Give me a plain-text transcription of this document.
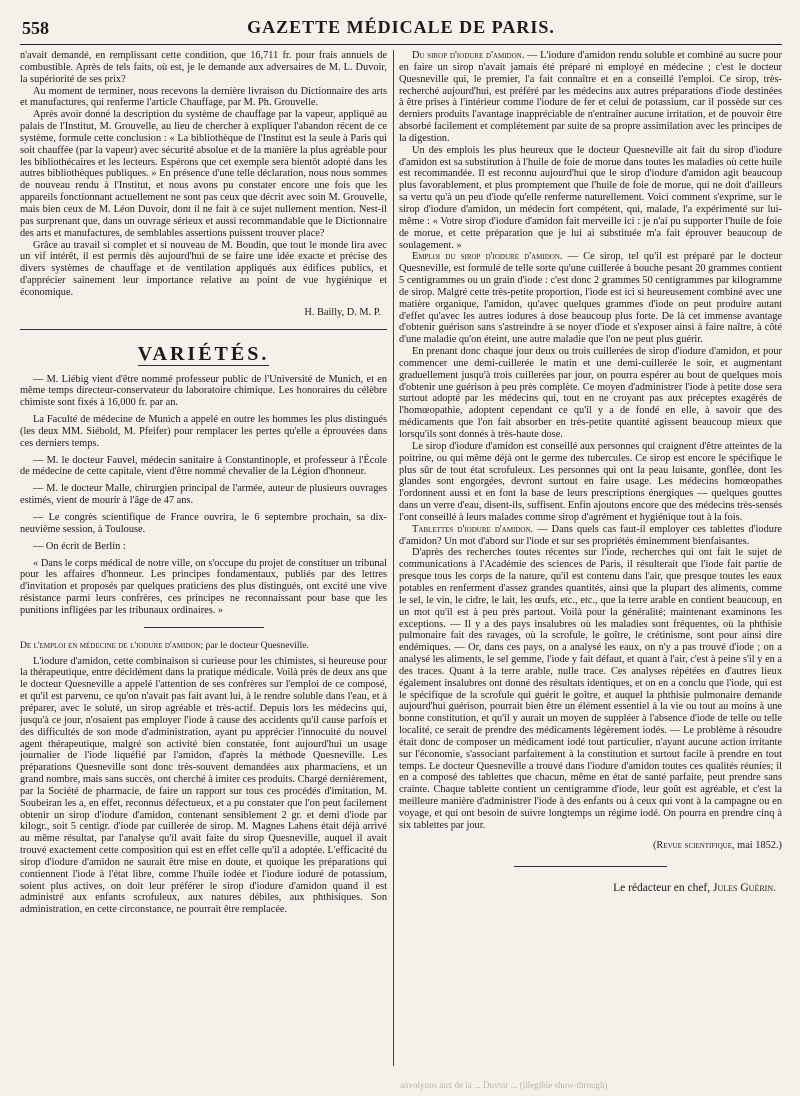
558	GAZETTE MÉDICALE DE PARIS.

n'avait demandé, en remplissant cette condition, que 16,711 fr. pour frais annuels de combustible. Après de tels faits, où est, je le demande aux adversaires de M. L. Duvoir, la supériorité de ses prix?

Au moment de terminer, nous recevons la dernière livraison du Dictionnaire des arts et manufactures, qui renferme l'article Chauffage, par M. Ph. Grouvelle.

Après avoir donné la description du système de chauffage par la vapeur, appliqué au palais de l'Institut, M. Grouvelle, au lieu de chercher à expliquer l'abandon récent de ce système, formule cette conclusion : « La bibliothèque de l'Institut est la seule à Paris qui soit chauffée (par la vapeur) avec sécurité absolue et de la manière la plus agréable pour les bibliothécaires et les lecteurs. Espérons que cet exemple sera bientôt adopté dans les autres bibliothèques publiques. » En présence d'une telle déclaration, nous nous sommes de nouveau rendu à l'Institut, et nous avons pu constater encore une fois que les appareils fonctionnant actuellement ne sont pas ceux que décrit avec soin M. Grouvelle, mais bien ceux de M. Léon Duvoir, dont il ne fait à ce sujet nullement mention. Nest-il pas surprenant que, dans un ouvrage sérieux et aussi recommandable que le Dictionnaire des arts et manufactures, de semblables assertions puissent trouver place?

Grâce au travail si complet et si nouveau de M. Boudin, que tout le monde lira avec un vif intérêt, il est permis dès aujourd'hui de se faire une idée exacte et précise des divers systèmes de chauffage et de ventilation appliqués aux édifices publics, et d'apprécier sainement leur importance relative au point de vue hygiénique et économique.

H. Bailly, D. M. P.
VARIÉTÉS.

— M. Liébig vient d'être nommé professeur public de l'Université de Munich, et en même temps directeur-conservateur du laboratoire chimique. Les honoraires du célèbre chimiste sont fixés à 16,000 fr. par an.

La Faculté de médecine de Munich a appelé en outre les hommes les plus distingués (les deux MM. Siébold, M. Pfeifer) pour remplacer les pertes qu'elle a éprouvées dans ces derniers temps.

— M. le docteur Fauvel, médecin sanitaire à Constantinople, et professeur à l'École de médecine de cette capitale, vient d'être nommé chevalier de la Légion d'honneur.

— M. le docteur Malle, chirurgien principal de l'armée, auteur de plusieurs ouvrages estimés, vient de mourir à l'âge de 47 ans.

— Le congrès scientifique de France ouvrira, le 6 septembre prochain, sa dix-neuvième session, à Toulouse.

— On écrit de Berlin :

« Dans le corps médical de notre ville, on s'occupe du projet de constituer un tribunal pour les affaires d'honneur. Les principes fondamentaux, publiés par des lettres d'invitation et proposés par quelques praticiens des plus distingués, ont excité une vive résistance parmi leurs confrères, ces principes ne reconnaissant pour base que les punitions infligées par les tribunaux ordinaires. »

De l'emploi en médecine de l'iodure d'amidon; par le docteur Quesneville.

L'iodure d'amidon, cette combinaison si curieuse pour les chimistes, si heureuse pour la thérapeutique, entre décidément dans la pratique médicale. Voilà près de deux ans que le docteur Quesneville a appelé l'attention de ses confrères sur l'emploi de ce composé, et qu'il est parvenu, ce qu'on n'avait pas fait avant lui, à le rendre soluble dans l'eau, et à préparer, avec le soluté, un sirop agréable et très-actif. Depuis lors les médecins qui, jusqu'à ce jour, n'osaient pas employer l'iode à cause des accidents qu'il cause parfois et des difficultés de son mode d'administration, ayant pu apprécier l'innocuité du nouvel agent thérapeutique, malgré son activité bien constatée, font aujourd'hui un usage journalier de l'iode liquéfié par l'amidon, d'après la méthode Quesneville. Les préparations Quesneville sont donc très-souvent demandées aux pharmaciens, et un grand nombre, mais sans succès, ont cherché à imiter ces produits. Chargé dernièrement, par la Société de pharmacie, de faire un rapport sur tous ces procédés d'imitation, M. Soubeiran les a, en effet, reconnus défectueux, et a pu constater que l'on peut facilement obtenir un sirop d'iodure d'amidon, contenant sensiblement 2 gr. et demi d'iode par kilogr., soit 5 centigr. d'iode par cuillerée de sirop. M. Magnes Lahens était déjà arrivé au même résultat, par l'analyse qu'il avait faite du sirop Quesneville, auquel il avait trouvé exactement cette composition qui est en effet celle qu'il a adoptée. L'efficacité du sirop d'iodure d'amidon ne saurait être mise en doute, et quoique les préparations qui contiennent l'iode à l'état libre, comme l'huile iodée et l'iodure ioduré de potassium, soient plus actives, on doit leur préférer le sirop d'iodure d'amidon quand il est administré aux enfants scrofuleux, aux natures débiles, aux phthisiques. Son administration, en cette circonstance, ne pourrait être remplacée.

Du sirop d'iodure d'amidon. — L'iodure d'amidon rendu soluble et combiné au sucre pour en faire un sirop n'avait jamais été préparé ni employé en médecine ; c'est le docteur Quesneville qui, le premier, l'a fait connaître et en a conseillé l'emploi. Ce sirop, très-recherché aujourd'hui, est préféré par les médecins aux autres préparations d'iode destinées à être prises à l'intérieur comme l'iodure de fer et celui de potassium, car il possède sur ces derniers produits l'avantage inappréciable de n'entraîner aucune irritation, et de pouvoir être absorbé facilement et complétement par suite de sa propre assimilation avec les principes de la digestion.

Un des emplois les plus heureux que le docteur Quesneville ait fait du sirop d'iodure d'amidon est sa substitution à l'huile de foie de morue dans toutes les maladies où cette huile est recommandée. Il est reconnu aujourd'hui que le sirop d'iodure d'amidon agit beaucoup plus favorablement, et plus promptement que l'huile de foie de morue, qui ne doit d'ailleurs sa vertu qu'à un peu d'iode qu'elle renferme naturellement. Voici comment s'exprime, sur le sirop d'iodure d'amidon, un médecin fort compétent, qui, malade, l'a expérimenté sur lui-même : « Votre sirop d'iodure d'amidon fait merveille ici : je n'ai pu supporter l'huile de foie de morue, et cette préparation que je lui ai substituée m'a fait éprouver beaucoup de soulagement. »

Emploi du sirop d'iodure d'amidon. — Ce sirop, tel qu'il est préparé par le docteur Quesneville, est formulé de telle sorte qu'une cuillerée à bouche pesant 20 grammes contient 5 centigrammes ou un grain d'iode : c'est donc 2 grammes 50 centigrammes par kilogramme de sirop. Malgré cette très-petite proportion, l'iode est ici si heureusement combiné avec une matière organique, l'amidon, qu'avec quelques grammes d'iode on peut produire autant d'effet qu'avec les autres iodures à dose beaucoup plus forte. De là cet immense avantage d'obtenir guérison sans s'astreindre à se noyer d'iode et s'exposer ainsi à faire naître, à côté d'une maladie qu'on éteint, une autre maladie que l'on ne peut plus guérir.

En prenant donc chaque jour deux ou trois cuillerées de sirop d'iodure d'amidon, et pour commencer une demi-cuillerée le matin et une demi-cuillerée le soir, et augmentant graduellement jusqu'à trois cuillerées par jour, on pourra espérer au bout de quelques mois d'obtenir une guérison à peu près complète. Ce moyen d'administrer l'iode à petite dose sera surtout adopté par les médecins qui, tout en ne croyant pas aux préceptes exagérés de l'homœopathie, adoptent cependant ce qu'il y a de fondé en elle, à savoir que des médicaments que l'on fait absorber en très-petite quantité agissent beaucoup mieux que lorsqu'ils sont donnés à très-haute dose.

Le sirop d'iodure d'amidon est conseillé aux personnes qui craignent d'être atteintes de la poitrine, ou qui même déjà ont le germe des tubercules. Ce sirop est encore le spécifique le plus sûr de tout état scrofuleux. Les personnes qui ont la peau luisante, gonflée, dont les glandes sont engorgées, devront surtout en faire usage. Les médecins homœopathes l'ordonnent aussi et en font la base de leurs prescriptions énergiques — quelques gouttes dans un verre d'eau, disent-ils, suffisent. Enfin ajoutons encore que des médecins très-sensés l'ont conseillé à leurs malades comme sirop d'agrément et hygiénique tout à la fois.

Tablettes d'iodure d'amidon. — Dans quels cas faut-il employer ces tablettes d'iodure d'amidon? Un mot d'abord sur l'iode et sur ses propriétés éminemment bienfaisantes.

D'après des recherches toutes récentes sur l'iode, recherches qui ont fait le sujet de communications à l'Académie des sciences de Paris, il résulterait que l'iode fait partie de presque tous les corps de la nature, qu'il est contenu dans l'air, que presque toutes les eaux potables en renferment d'assez grandes quantités, ainsi que la plupart des aliments, comme le sel, le vin, le cidre, le lait, les œufs, etc., etc., que la terre arable en contient beaucoup, en un mot qu'il est à peu près partout. Voilà pour la généralité; maintenant examinons les exceptions. — Il y a des pays insalubres où les maladies sont fréquentes, où la phthisie pulmonaire fait des ravages, où la scrofule, le goître, le crétinisme, sont pour ainsi dire endémiques. — Or, dans ces pays, on a analysé les eaux, on n'y a pas trouvé d'iode ; on a analysé les aliments, le sel gemme, l'iode y fait défaut, et quant à l'air, c'est à peine s'il y en a des traces. Quant à la terre arable, nulle trace. Ces analyses répétées en d'autres lieux également insalubres ont donné des résultats identiques, et on en a conclu que l'iode, qui est le spécifique de la scrofule qui guérit le goître, et auquel la phthisie pulmonaire demande aujourd'hui guérison, pourrait bien être un élément essentiel à la vie ou tout au moins à une bonne constitution, et qu'il y aurait un moyen de suppléer à l'absence d'iode de telle ou telle localité, ce serait de prendre des médicaments légèrement iodés. — Le problème à résoudre était donc de composer un médicament iodé tout particulier, n'ayant aucune action irritante sur l'économie, s'associant parfaitement à la constitution et surtout facile à prendre en tout temps. Le docteur Quesneville a trouvé dans l'iodure d'amidon toutes ces qualités réunies; il en a composé des tablettes que chacun, même en état de santé parfaite, peut prendre sans crainte. Chaque tablette contient un centigramme d'iode, leur goût est agréable, et c'est la meilleure manière d'administrer l'iode à des enfants ou à ceux qui vont à la campagne ou en voyage, et qui ont besoin de suivre longtemps un régime iodé. On pourra en prendre cinq à six tablettes par jour.

(Revue scientifique, mai 1852.)
Le rédacteur en chef, Jules Guérin.
anvoiyons aux de la ... Duvoir ... (illegible show-through)
